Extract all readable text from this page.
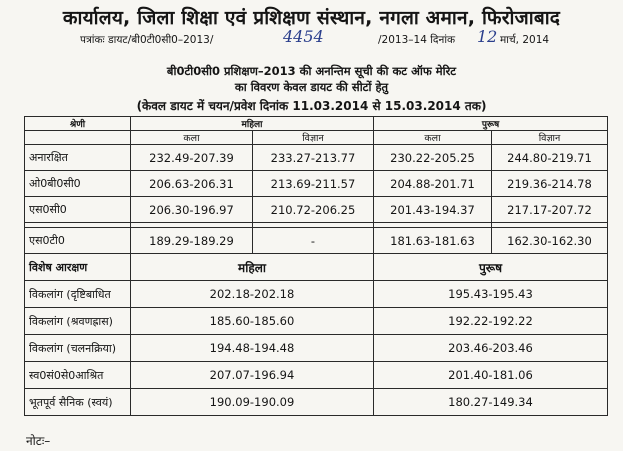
कार्यालय, जिला शिक्षा एवं प्रशिक्षण संस्थान, नगला अमान, फिरोजाबाद
पत्रांकः डायट/बी0टी0सी0–2013/	4454	/2013–14 दिनांक 12 मार्च, 2014
बी0टी0सी0 प्रशिक्षण–2013 की अनन्तिम सूची की कट ऑफ मेरिट
का विवरण केवल डायट की सीटों हेतु
(केवल डायट में चयन/प्रवेश दिनांक 11.03.2014 से 15.03.2014 तक)
श्रेणी	महिला		पुरूष	
	कला	विज्ञान	कला	विज्ञान
अनारक्षित	232.49-207.39	233.27-213.77	230.22-205.25	244.80-219.71
ओ0बी0सी0	206.63-206.31	213.69-211.57	204.88-201.71	219.36-214.78
एस0सी0	206.30-196.97	210.72-206.25	201.43-194.37	217.17-207.72

एस0टी0	189.29-189.29	-	181.63-181.63	162.30-162.30
विशेष आरक्षण	महिला		पुरूष	
विकलांग (दृष्टिबाधित	202.18-202.18		195.43-195.43	
विकलांग (श्रवणह्रास)	185.60-185.60		192.22-192.22	
विकलांग (चलनक्रिया)	194.48-194.48		203.46-203.46	
स्व0सं0से0आश्रित	207.07-196.94		201.40-181.06	
भूतपूर्व सैनिक (स्वयं)	190.09-190.09		180.27-149.34	
नोटः–
